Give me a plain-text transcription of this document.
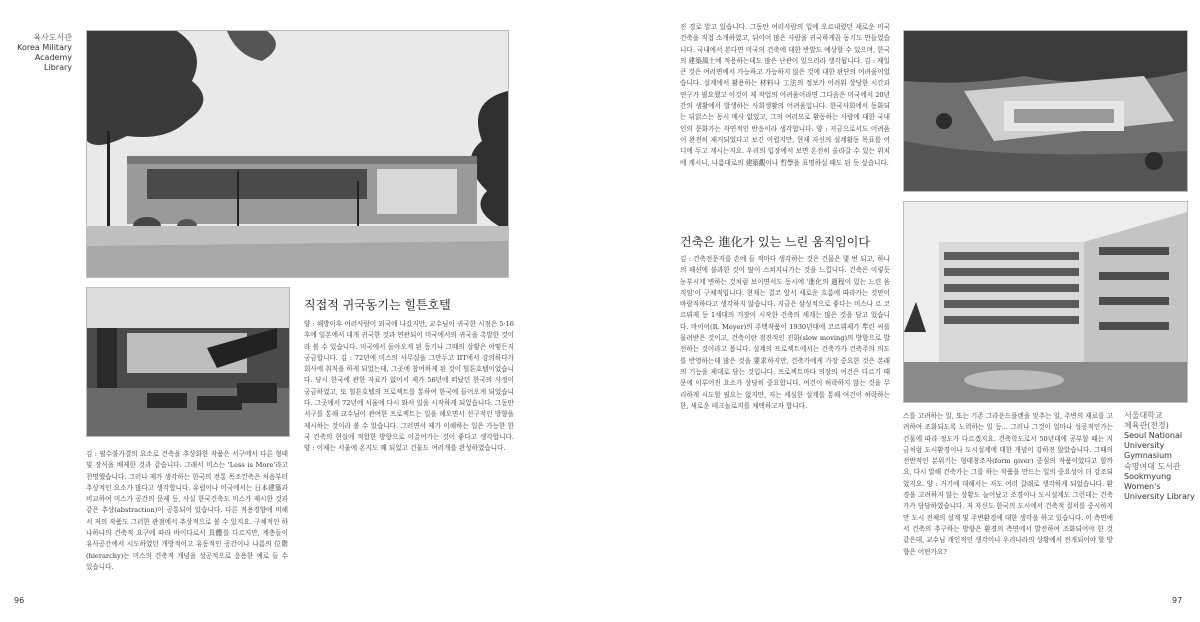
육사도서관
Korea Military
Academy Library
직접적 귀국동기는 힐튼호텔

김 : 필수불가결의 요소로 건축을 추상화한 작품은 서구에서 다른 형태 및 장식을 배제한 것과 같습니다. 그래서 미스는 'Less is More'라고 천명했습니다. 그러나 제가 생각하는 한국의 전통 목조건축은 처음부터 추상적인 요소가 많다고 생각합니다. 유럽이나 미국에서는 日本建築과 비교하여 미스가 공간의 문제 등, 사실 한국건축도 미스가 제시한 것과 같은 추상(abstraction)이 공통되어 있습니다. 다른 적용경향에 비해서 저의 작품도 그러한 관점에서 추상적으로 볼 수 있지요. 구체적인 하나하나의 건축적 요구에 따라 바이다로서 具體를 다르지만, 계층들이 유사공간에서 시도하였던 개방적이고 유동적인 공간이나 나름의 位階(hierarchy)는 미스의 건축적 개념을 성공적으로 응용한 예로 들 수 있습니다.

양 : 해방이후 여러사람이 외국에 나갔지만, 교수님이 귀국한 시점은 5·16후에 일본에서 대개 귀국한 것과 연관되어 미국에서의 귀국을 촉발한 것이라 볼 수 있습니다. 미국에서 돌아오게 된 동기나 그때의 상황은 어떻든지 궁금합니다. 김 : 72년에 미스의 사무실을 그만두고 IIT에서 강의하다가 회사에 취직을 하게 되었는데, 그곳에 참여하게 된 것이 힐튼호텔이었습니다. 당시 한국에 관한 자료가 없어서 제가 56년에 떠났던 한국의 사정이 궁금하였고, 또 힐튼호텔의 프로젝트를 통하여 한국에 들어오게 되었습니다. 그곳에서 72년에 서울에 다시 와서 일을 시작하게 되었습니다. 그동안 서구를 통해 교수님이 관여한 프로젝트는 일을 해오면서 선구적인 방향을 제시하는 것이라 볼 수 있습니다. 그러면서 제가 이해하는 일은 가능한 한국 건축의 현실에 적합한 방향으로 이끌어가는 것이 좋다고 생각합니다. 양 : 이제는 서울에 온지도 꽤 되었고 건물도 여러개를 완성하였습니다.

96

진 경로 알고 있습니다. 그동안 여러사람의 입에 오르내렸던 새로운 미국건축을 직접 소개하였고, 뒤이어 많은 사람을 귀국하게끔 동기도 만들었습니다. 국내에서 본다면 미국의 건축에 대한 반발도 예상할 수 있으며, 한국의 建築風土에 적용하는데도 많은 난관이 있으리라 생각됩니다. 김 : 제일 큰 것은 여러면에서 가능하고 가능하지 않은 것에 대한 판단의 어려움이었습니다. 설계에서 활용하는 材料나 工法의 정보가 어려워 상당한 시간과 연구가 필요했고 이것이 제 작업의 어려움이라면 그다음은 미국에서 20년간의 생활에서 발생하는 사회생활의 어려움입니다. 한국사회에서 동화되는 뒤얽스는 동시 매사 없었고, 그의 여러모로 환동하는 사람에 대한 국내인의 문화가는 자연적인 반응이라 생각합니다. 양 : 지금으로서도 어려움이 완전히 제거되었다고 보긴 어렵지만, 현재 자신의 설계활동 목표를 어디에 두고 계시는지요. 우리의 입장에서 보면 온전히 올라갈 수 있는 위치에 계시니, 나름대로의 建築觀이나 哲學을 표명하실 때도 된 듯 싶습니다.

건축은 進化가 있는 느린 움직임이다

김 : 건축전문지를 손에 들 적마다 생각하는 것은 건물은 몇 번 되고, 하나의 패션에 불과한 것이 많이 스쳐지나가는 것을 느낍니다. 건축은 이렇듯 눈부시게 변하는 것처럼 보이면서도 동시에 '進化의 過程이 있는 느린 움직임'이 구체적입니다. 현재는 결코 앞서 새로운 흐름에 따라가는 것만이 바람직하다고 생각하지 않습니다. 지금은 삼성적으로 좋다는 미스나 르 코르뷔제 등 1세대의 거장이 시작한 건축의 세계는 많은 것을 담고 있습니다. 마이어(R. Meyer)의 주택작품이 1930년대에 코르뷔제가 뿌린 씨를 물려받은 것이고, 건축이란 점진적인 진화(slow moving)의 방향으로 발전하는 것이라고 봅니다. 설계의 프로젝트에서는 건축가가 건축주의 의도를 반영하는데 많은 것을 要求하지만, 건축가에게 가장 중요한 것은 본래의 기능을 제대로 담는 것입니다. 프로젝트마다 의장의 여건은 다르기 때문에 이루어진 요소가 상당히 중요합니다. 여건이 허락하지 않는 것을 무리하게 시도할 필요는 없지만, 저는 세심한 설계를 통해 여건이 허락하는 한, 새로운 테크놀로지를 채택하고자 합니다.

스를 고려하는 일, 또는 기존 그라운드플랜을 맞추는 일, 주변의 재료를 고려하여 조화되도록 노력하는 일 등... 그러나 그것이 얼마나 성공적인가는 건물에 따라 정도가 다르겠지요. 건축학도로서 50년대에 공부할 때는 지금처럼 도시환경이나 도시설계에 대한 개념이 강하진 않았습니다. 그때의 전반적인 분위기는 형태창조자(form giver) 중심의 작품이었다고 할까요, 다시 말해 건축가는 그를 하는 작품을 만드는 일의 중요성이 더 강조되었지요. 양 : 거기에 대해서는 저도 여러 갈래로 생각하게 되었습니다. 환경을 고려하지 않는 상황도 늘어났고 조경이나 도시설계도 그런데는 건축가가 담당하였습니다. 저 자신도 한국의 도시에서 건축적 질서를 중시하지만 도시 전체의 설계 및 주변환경에 대한 생각을 하고 있습니다. 이 측면에서 건축의 추구하는 방향은 환경의 측면에서 발전하여 조화되어야 한 것 같은데, 교수님 개인적인 생각이나 우리나라의 상황에서 전개되어야 할 방향은 어떤가요?

서울대학교
체육관(전경)
Seoul National
University Gymnasium
숙명여대 도서관
Sookmyung Women's
University Library
97
